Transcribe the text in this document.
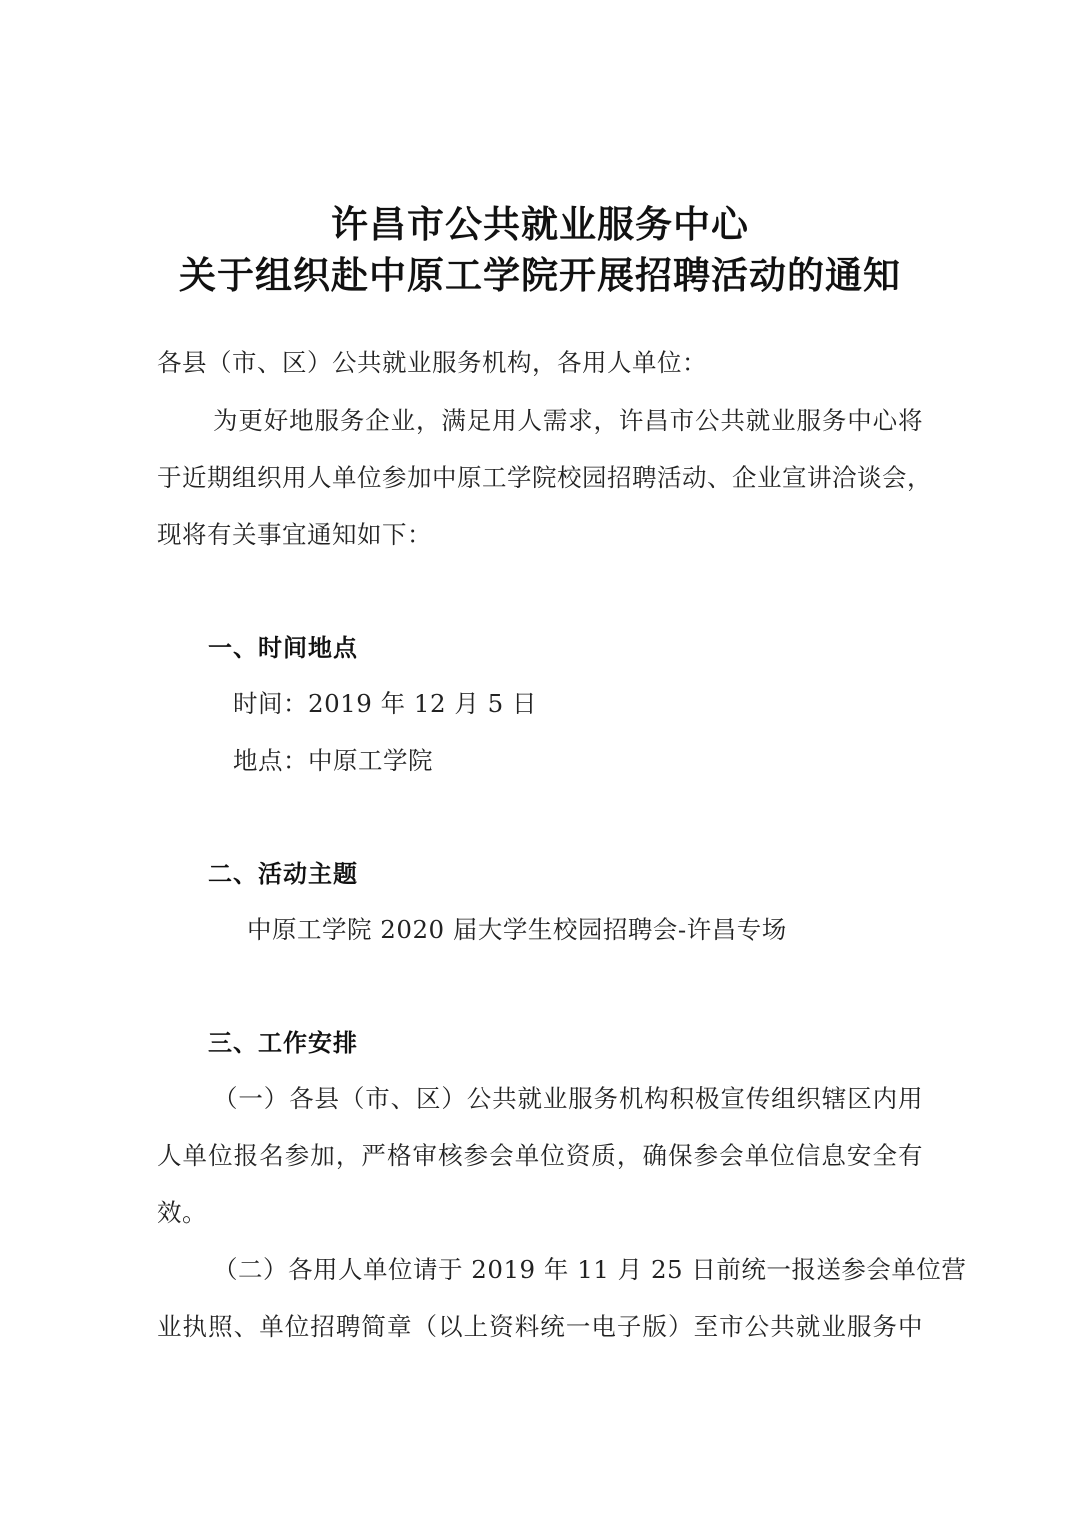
许昌市公共就业服务中心
关于组织赴中原工学院开展招聘活动的通知
各县（市、区）公共就业服务机构，各用人单位：
为更好地服务企业，满足用人需求，许昌市公共就业服务中心将
于近期组织用人单位参加中原工学院校园招聘活动、企业宣讲洽谈会，
现将有关事宜通知如下：
一、时间地点
时间：2019 年 12 月 5 日
地点：中原工学院
二、活动主题
中原工学院 2020 届大学生校园招聘会-许昌专场
三、工作安排
（一）各县（市、区）公共就业服务机构积极宣传组织辖区内用
人单位报名参加，严格审核参会单位资质，确保参会单位信息安全有
效。
（二）各用人单位请于 2019 年 11 月 25 日前统一报送参会单位营
业执照、单位招聘简章（以上资料统一电子版）至市公共就业服务中
